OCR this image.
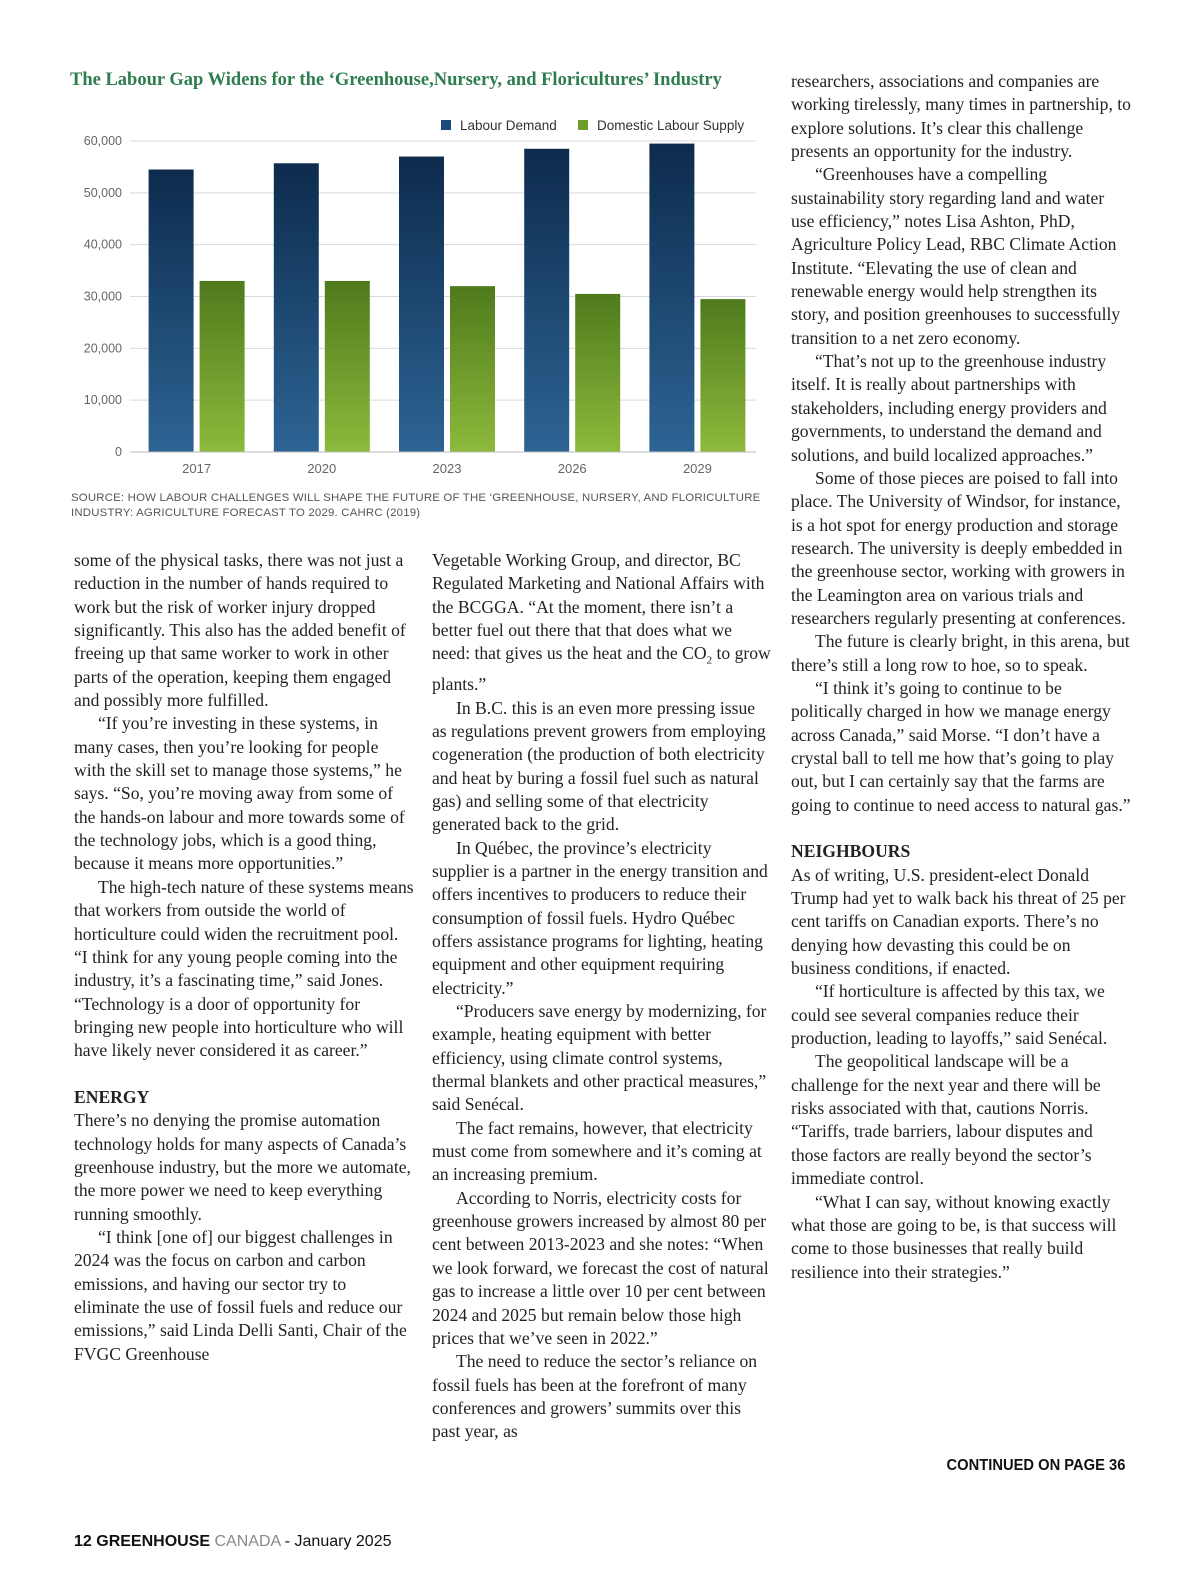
The Labour Gap Widens for the ‘Greenhouse,Nursery, and Floricultures’ Industry
60,000
50,000
40,000
30,000
20,000
10,000
0
2017	2020	2023	2026	2029
Labour Demand	Domestic Labour Supply
SOURCE: HOW LABOUR CHALLENGES WILL SHAPE THE FUTURE OF THE ‘GREENHOUSE, NURSERY, AND FLORICULTURE INDUSTRY: AGRICULTURE FORECAST TO 2029. CAHRC (2019)

some of the physical tasks, there was not just a reduction in the number of hands required to work but the risk of worker injury dropped significantly. This also has the added benefit of freeing up that same worker to work in other parts of the operation, keeping them engaged and possibly more fulfilled.

“If you’re investing in these systems, in many cases, then you’re looking for people with the skill set to manage those systems,” he says. “So, you’re moving away from some of the hands-on labour and more towards some of the technology jobs, which is a good thing, because it means more opportunities.”

The high-tech nature of these systems means that workers from outside the world of horticulture could widen the recruitment pool. “I think for any young people coming into the industry, it’s a fascinating time,” said Jones. “Technology is a door of opportunity for bringing new people into horticulture who will have likely never considered it as career.”

ENERGY

There’s no denying the promise automation technology holds for many aspects of Canada’s greenhouse industry, but the more we automate, the more power we need to keep everything running smoothly.

“I think [one of] our biggest challenges in 2024 was the focus on carbon and carbon emissions, and having our sector try to eliminate the use of fossil fuels and reduce our emissions,” said Linda Delli Santi, Chair of the FVGC Greenhouse

Vegetable Working Group, and director, BC Regulated Marketing and National Affairs with the BCGGA. “At the moment, there isn’t a better fuel out there that that does what we need: that gives us the heat and the $CO_2$ to grow plants.”

In B.C. this is an even more pressing issue as regulations prevent growers from employing cogeneration (the production of both electricity and heat by buring a fossil fuel such as natural gas) and selling some of that electricity generated back to the grid.

In Québec, the province’s electricity supplier is a partner in the energy transition and offers incentives to producers to reduce their consumption of fossil fuels. Hydro Québec offers assistance programs for lighting, heating equipment and other equipment requiring electricity.”

“Producers save energy by modernizing, for example, heating equipment with better efficiency, using climate control systems, thermal blankets and other practical measures,” said Senécal.

The fact remains, however, that electricity must come from somewhere and it’s coming at an increasing premium.

According to Norris, electricity costs for greenhouse growers increased by almost 80 per cent between 2013-2023 and she notes: “When we look forward, we forecast the cost of natural gas to increase a little over 10 per cent between 2024 and 2025 but remain below those high prices that we’ve seen in 2022.”

The need to reduce the sector’s reliance on fossil fuels has been at the forefront of many conferences and growers’ summits over this past year, as

researchers, associations and companies are working tirelessly, many times in partnership, to explore solutions. It’s clear this challenge presents an opportunity for the industry.

“Greenhouses have a compelling sustainability story regarding land and water use efficiency,” notes Lisa Ashton, PhD, Agriculture Policy Lead, RBC Climate Action Institute. “Elevating the use of clean and renewable energy would help strengthen its story, and position greenhouses to successfully transition to a net zero economy.

“That’s not up to the greenhouse industry itself. It is really about partnerships with stakeholders, including energy providers and governments, to understand the demand and solutions, and build localized approaches.”

Some of those pieces are poised to fall into place. The University of Windsor, for instance, is a hot spot for energy production and storage research. The university is deeply embedded in the greenhouse sector, working with growers in the Leamington area on various trials and researchers regularly presenting at conferences.

The future is clearly bright, in this arena, but there’s still a long row to hoe, so to speak.

“I think it’s going to continue to be politically charged in how we manage energy across Canada,” said Morse. “I don’t have a crystal ball to tell me how that’s going to play out, but I can certainly say that the farms are going to continue to need access to natural gas.”

NEIGHBOURS

As of writing, U.S. president-elect Donald Trump had yet to walk back his threat of 25 per cent tariffs on Canadian exports. There’s no denying how devasting this could be on business conditions, if enacted.

“If horticulture is affected by this tax, we could see several companies reduce their production, leading to layoffs,” said Senécal.

The geopolitical landscape will be a challenge for the next year and there will be risks associated with that, cautions Norris. “Tariffs, trade barriers, labour disputes and those factors are really beyond the sector’s immediate control.

“What I can say, without knowing exactly what those are going to be, is that success will come to those businesses that really build resilience into their strategies.”

CONTINUED ON PAGE 36
12 GREENHOUSE CANADA - January 2025
